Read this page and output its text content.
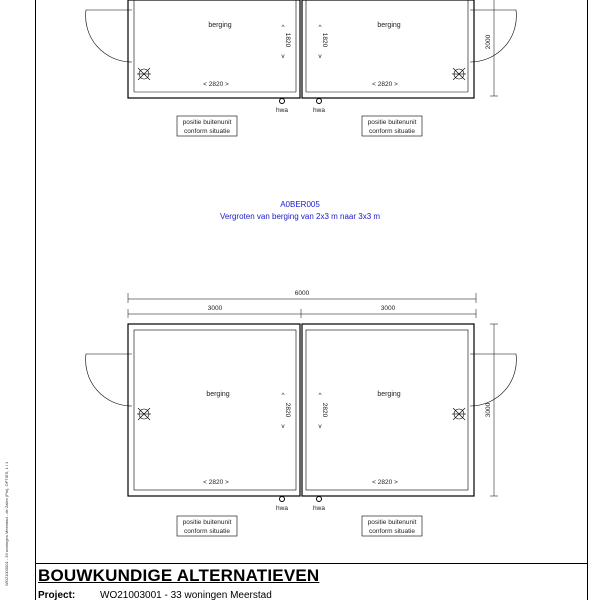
WO21003001 - 33 woningen Meerstad - de Zalen (Pin), OPTIES, 1 / 1
berging	berging
^
1820
v
^
1820
v
< 2820 >	< 2820 >
2000
hwa	hwa
positie buitenunit
conform situatie
positie buitenunit
conform situatie
A0BER005
Vergroten van berging van 2x3 m naar 3x3 m
6000
3000	3000
berging	berging
^
2820
v
^
2820
v
< 2820 >	< 2820 >
3000
hwa	hwa
positie buitenunit
conform situatie
positie buitenunit
conform situatie
BOUWKUNDIGE ALTERNATIEVEN
Project: WO21003001 - 33 woningen Meerstad
